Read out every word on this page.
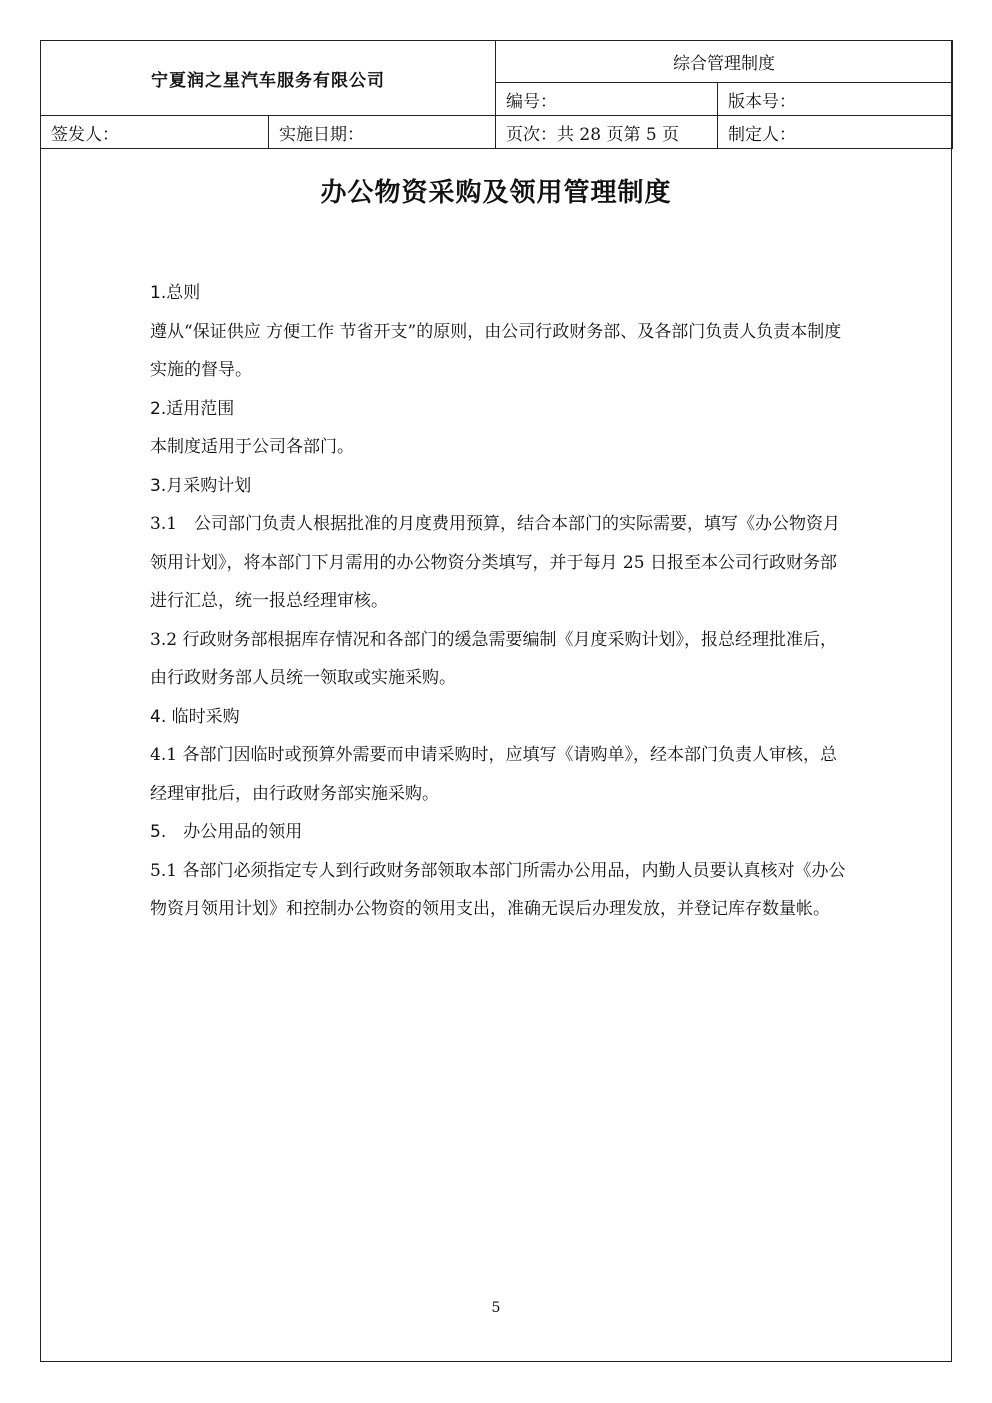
宁夏润之星汽车服务有限公司		综合管理制度	
		编号：	版本号：
签发人：	实施日期：	页次：共 28 页第 5 页	制定人：
办公物资采购及领用管理制度

1.总则

遵从“保证供应 方便工作 节省开支”的原则，由公司行政财务部、及各部门负责人负责本制度实施的督导。

2.适用范围

本制度适用于公司各部门。

3.月采购计划

3.1　公司部门负责人根据批准的月度费用预算，结合本部门的实际需要，填写《办公物资月领用计划》，将本部门下月需用的办公物资分类填写，并于每月 25 日报至本公司行政财务部进行汇总，统一报总经理审核。

3.2 行政财务部根据库存情况和各部门的缓急需要编制《月度采购计划》，报总经理批准后，由行政财务部人员统一领取或实施采购。

4. 临时采购

4.1 各部门因临时或预算外需要而申请采购时，应填写《请购单》，经本部门负责人审核，总经理审批后，由行政财务部实施采购。

5.　办公用品的领用

5.1 各部门必须指定专人到行政财务部领取本部门所需办公用品，内勤人员要认真核对《办公物资月领用计划》和控制办公物资的领用支出，准确无误后办理发放，并登记库存数量帐。

5
